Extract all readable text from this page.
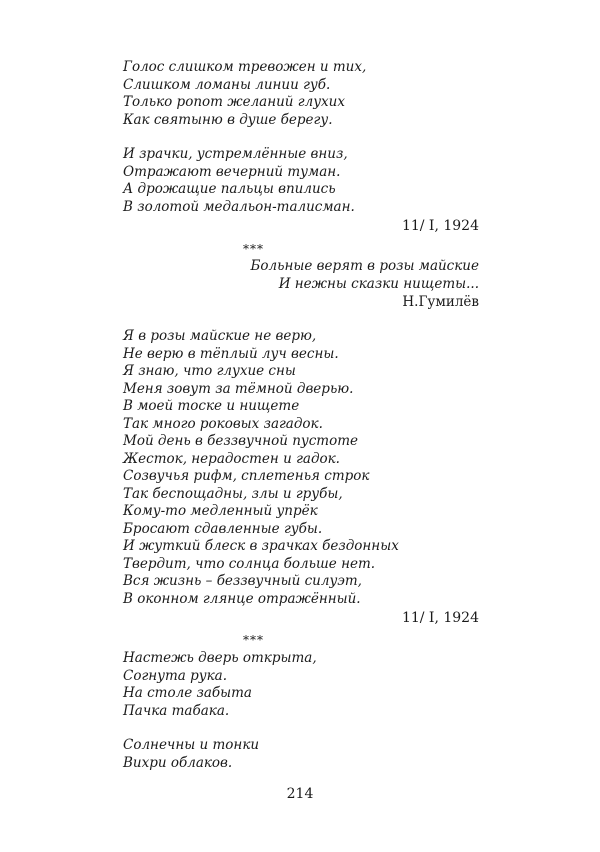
Голос слишком тревожен и тих,
Слишком ломаны линии губ.
Только ропот желаний глухих
Как святыню в душе берегу.
И зрачки, устремлённые вниз,
Отражают вечерний туман.
А дрожащие пальцы впились
В золотой медальон-талисман.
11/ I, 1924
***
Больные верят в розы майские
И нежны сказки нищеты...
Н.Гумилёв
Я в розы майские не верю,
Не верю в тёплый луч весны.
Я знаю, что глухие сны
Меня зовут за тёмной дверью.
В моей тоске и нищете
Так много роковых загадок.
Мой день в беззвучной пустоте
Жесток, нерадостен и гадок.
Созвучья рифм, сплетенья строк
Так беспощадны, злы и грубы,
Кому-то медленный упрёк
Бросают сдавленные губы.
И жуткий блеск в зрачках бездонных
Твердит, что солнца больше нет.
Вся жизнь – беззвучный силуэт,
В оконном глянце отражённый.
11/ I, 1924
***
Настежь дверь открыта,
Согнута рука.
На столе забыта
Пачка табака.
Солнечны и тонки
Вихри облаков.
214
